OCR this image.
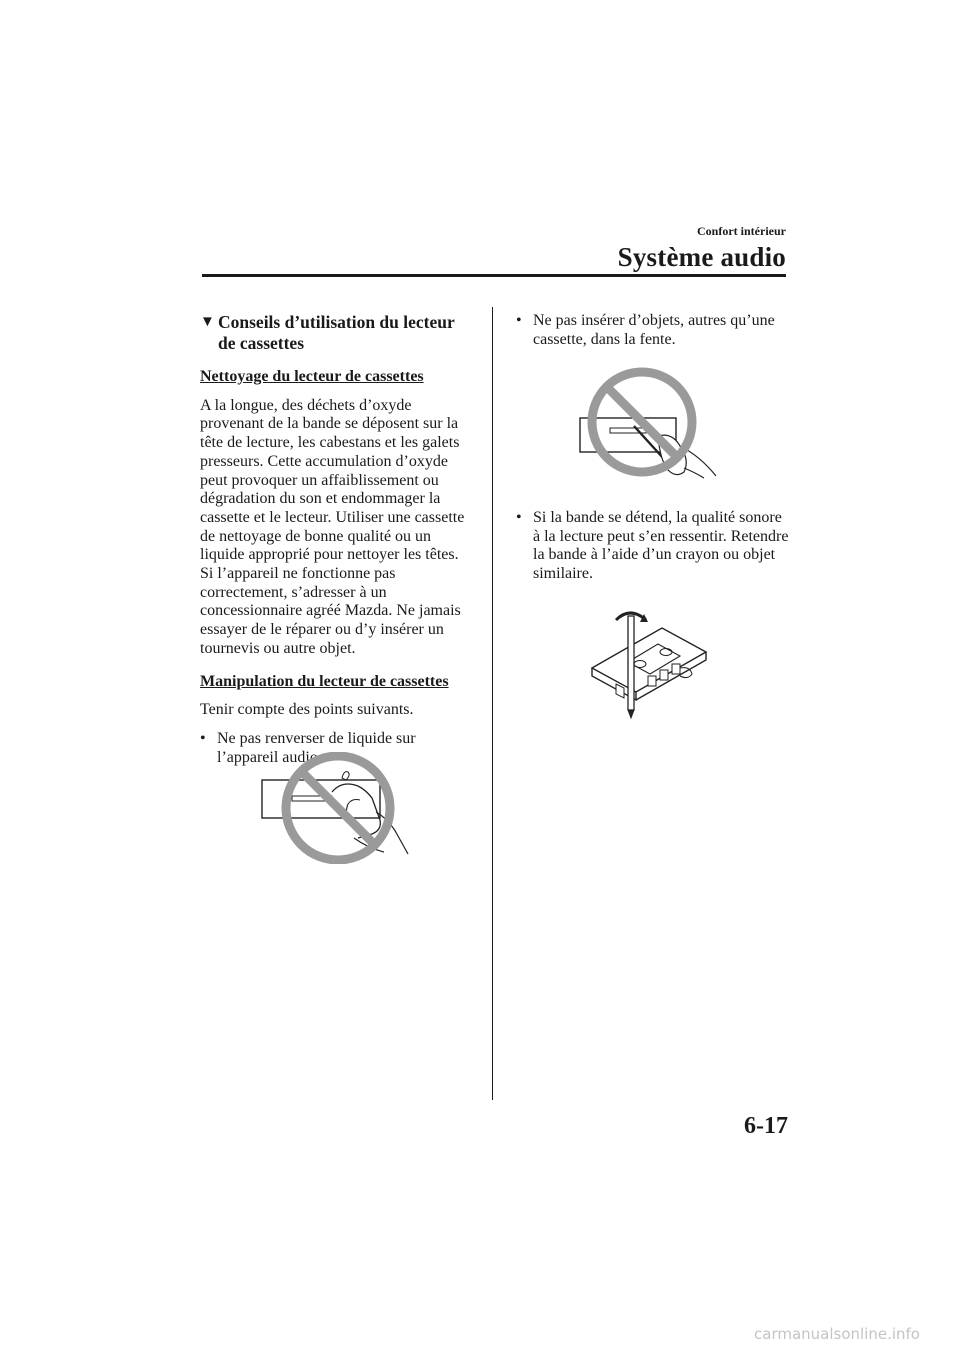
Confort intérieur
Système audio
▼ Conseils d’utilisation du lecteur de cassettes
Nettoyage du lecteur de cassettes
A la longue, des déchets d’oxyde provenant de la bande se déposent sur la tête de lecture, les cabestans et les galets presseurs. Cette accumulation d’oxyde peut provoquer un affaiblissement ou dégradation du son et endommager la cassette et le lecteur. Utiliser une cassette de nettoyage de bonne qualité ou un liquide approprié pour nettoyer les têtes. Si l’appareil ne fonctionne pas correctement, s’adresser à un concessionnaire agréé Mazda. Ne jamais essayer de le réparer ou d’y insérer un tournevis ou autre objet.
Manipulation du lecteur de cassettes
Tenir compte des points suivants.
• Ne pas renverser de liquide sur l’appareil audio.
• Ne pas insérer d’objets, autres qu’une cassette, dans la fente.
• Si la bande se détend, la qualité sonore à la lecture peut s’en ressentir. Retendre la bande à l’aide d’un crayon ou objet similaire.
6-17
carmanualsonline.info
